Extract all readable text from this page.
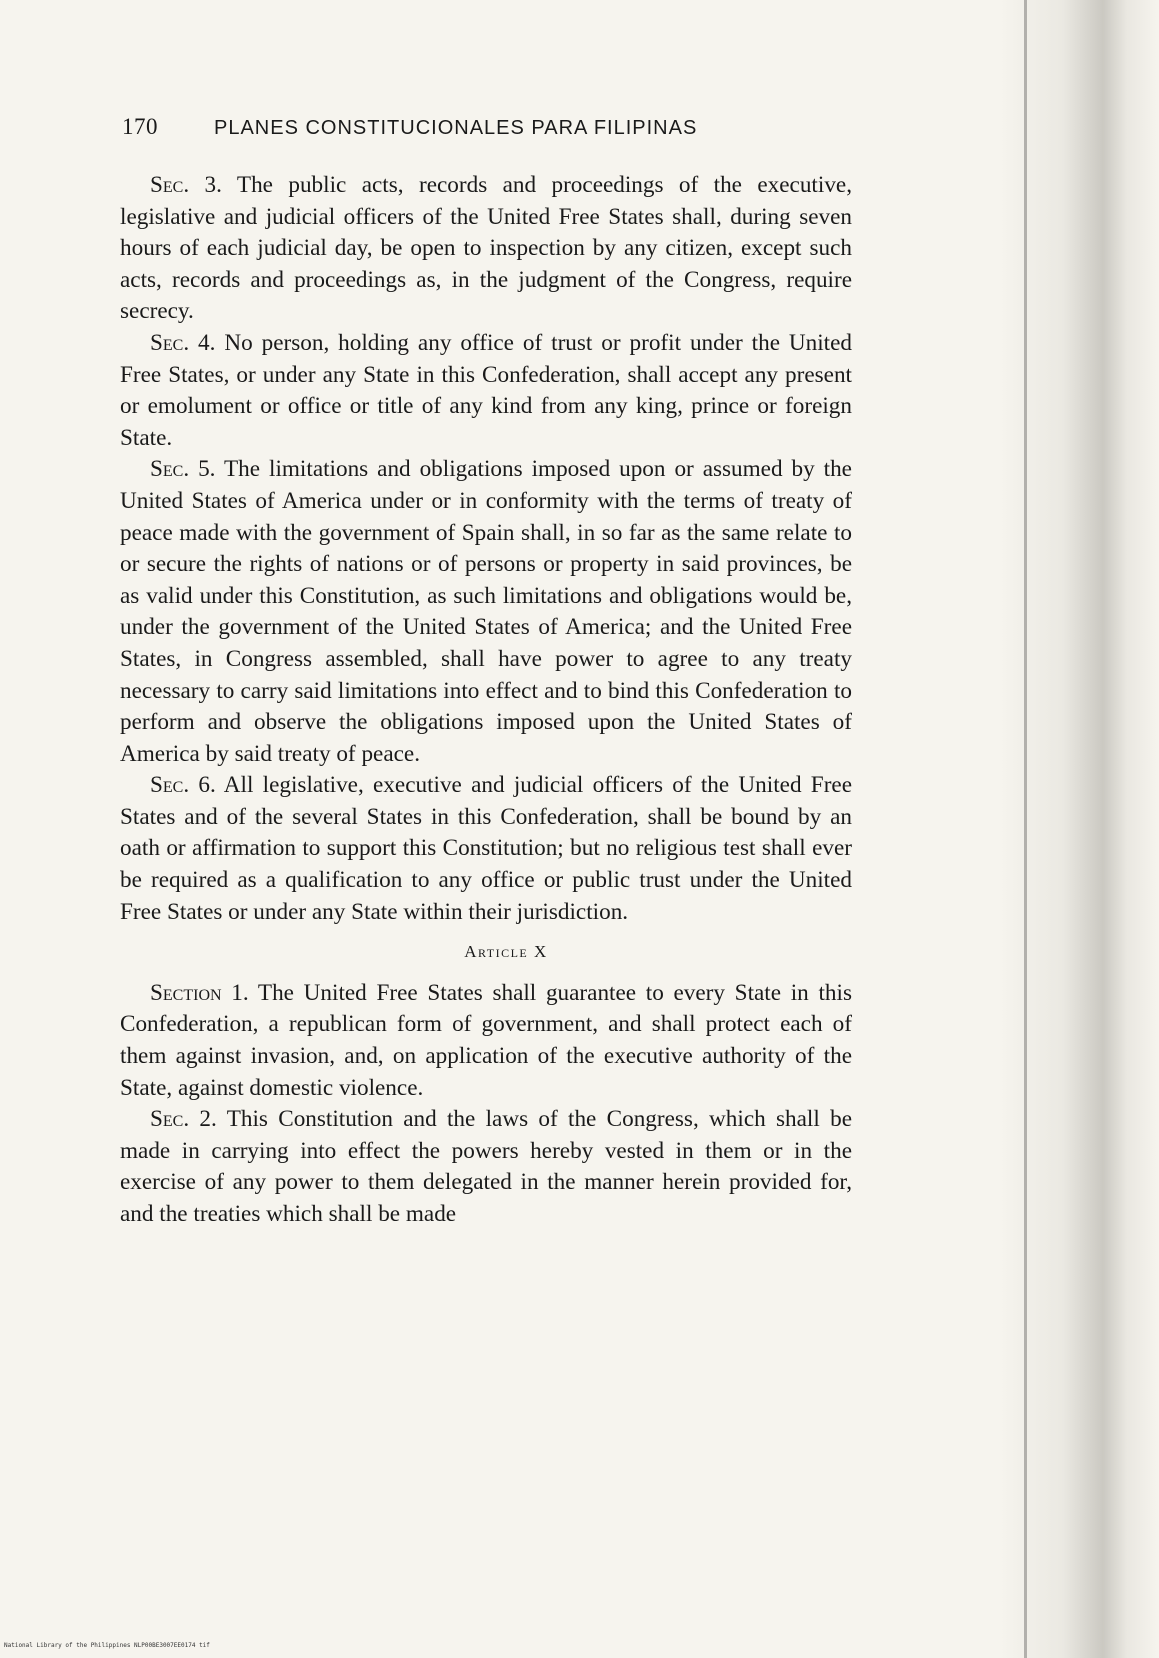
170	PLANES CONSTITUCIONALES PARA FILIPINAS

Sec. 3. The public acts, records and proceedings of the executive, legislative and judicial officers of the United Free States shall, during seven hours of each judicial day, be open to inspection by any citizen, except such acts, records and proceedings as, in the judgment of the Congress, require secrecy.

Sec. 4. No person, holding any office of trust or profit under the United Free States, or under any State in this Confederation, shall accept any present or emolument or office or title of any kind from any king, prince or foreign State.

Sec. 5. The limitations and obligations imposed upon or assumed by the United States of America under or in conformity with the terms of treaty of peace made with the government of Spain shall, in so far as the same relate to or secure the rights of nations or of persons or property in said provinces, be as valid under this Constitution, as such limitations and obligations would be, under the government of the United States of America; and the United Free States, in Congress assembled, shall have power to agree to any treaty necessary to carry said limitations into effect and to bind this Confederation to perform and observe the obligations imposed upon the United States of America by said treaty of peace.

Sec. 6. All legislative, executive and judicial officers of the United Free States and of the several States in this Confederation, shall be bound by an oath or affirmation to support this Constitution; but no religious test shall ever be required as a qualification to any office or public trust under the United Free States or under any State within their jurisdiction.

Article X

Section 1. The United Free States shall guarantee to every State in this Confederation, a republican form of government, and shall protect each of them against invasion, and, on application of the executive authority of the State, against domestic violence.

Sec. 2. This Constitution and the laws of the Congress, which shall be made in carrying into effect the powers hereby vested in them or in the exercise of any power to them delegated in the manner herein provided for, and the treaties which shall be made

National Library of the Philippines NLP00BE3007EE0174 tif
